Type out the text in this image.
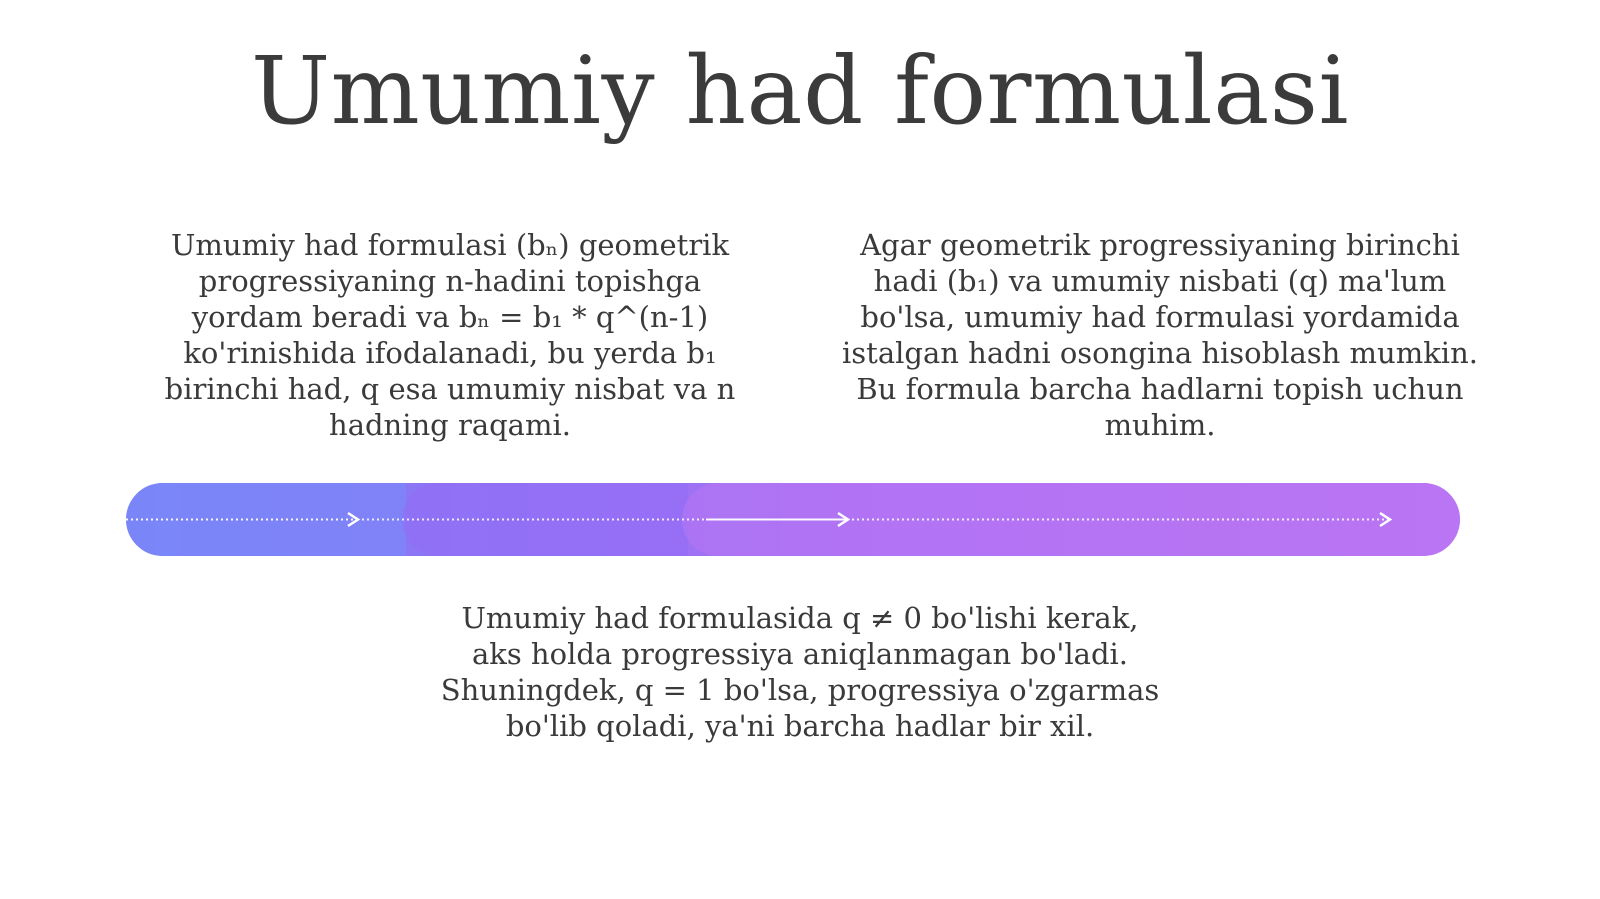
Umumiy had formulasi

Umumiy had formulasi (bₙ) geometrik progressiyaning n-hadini topishga yordam beradi va bₙ = b₁ * q^(n-1) ko'rinishida ifodalanadi, bu yerda b₁ birinchi had, q esa umumiy nisbat va n hadning raqami.

Agar geometrik progressiyaning birinchi hadi (b₁) va umumiy nisbati (q) ma'lum bo'lsa, umumiy had formulasi yordamida istalgan hadni osongina hisoblash mumkin. Bu formula barcha hadlarni topish uchun muhim.

Umumiy had formulasida q ≠ 0 bo'lishi kerak, aks holda progressiya aniqlanmagan bo'ladi. Shuningdek, q = 1 bo'lsa, progressiya o'zgarmas bo'lib qoladi, ya'ni barcha hadlar bir xil.
